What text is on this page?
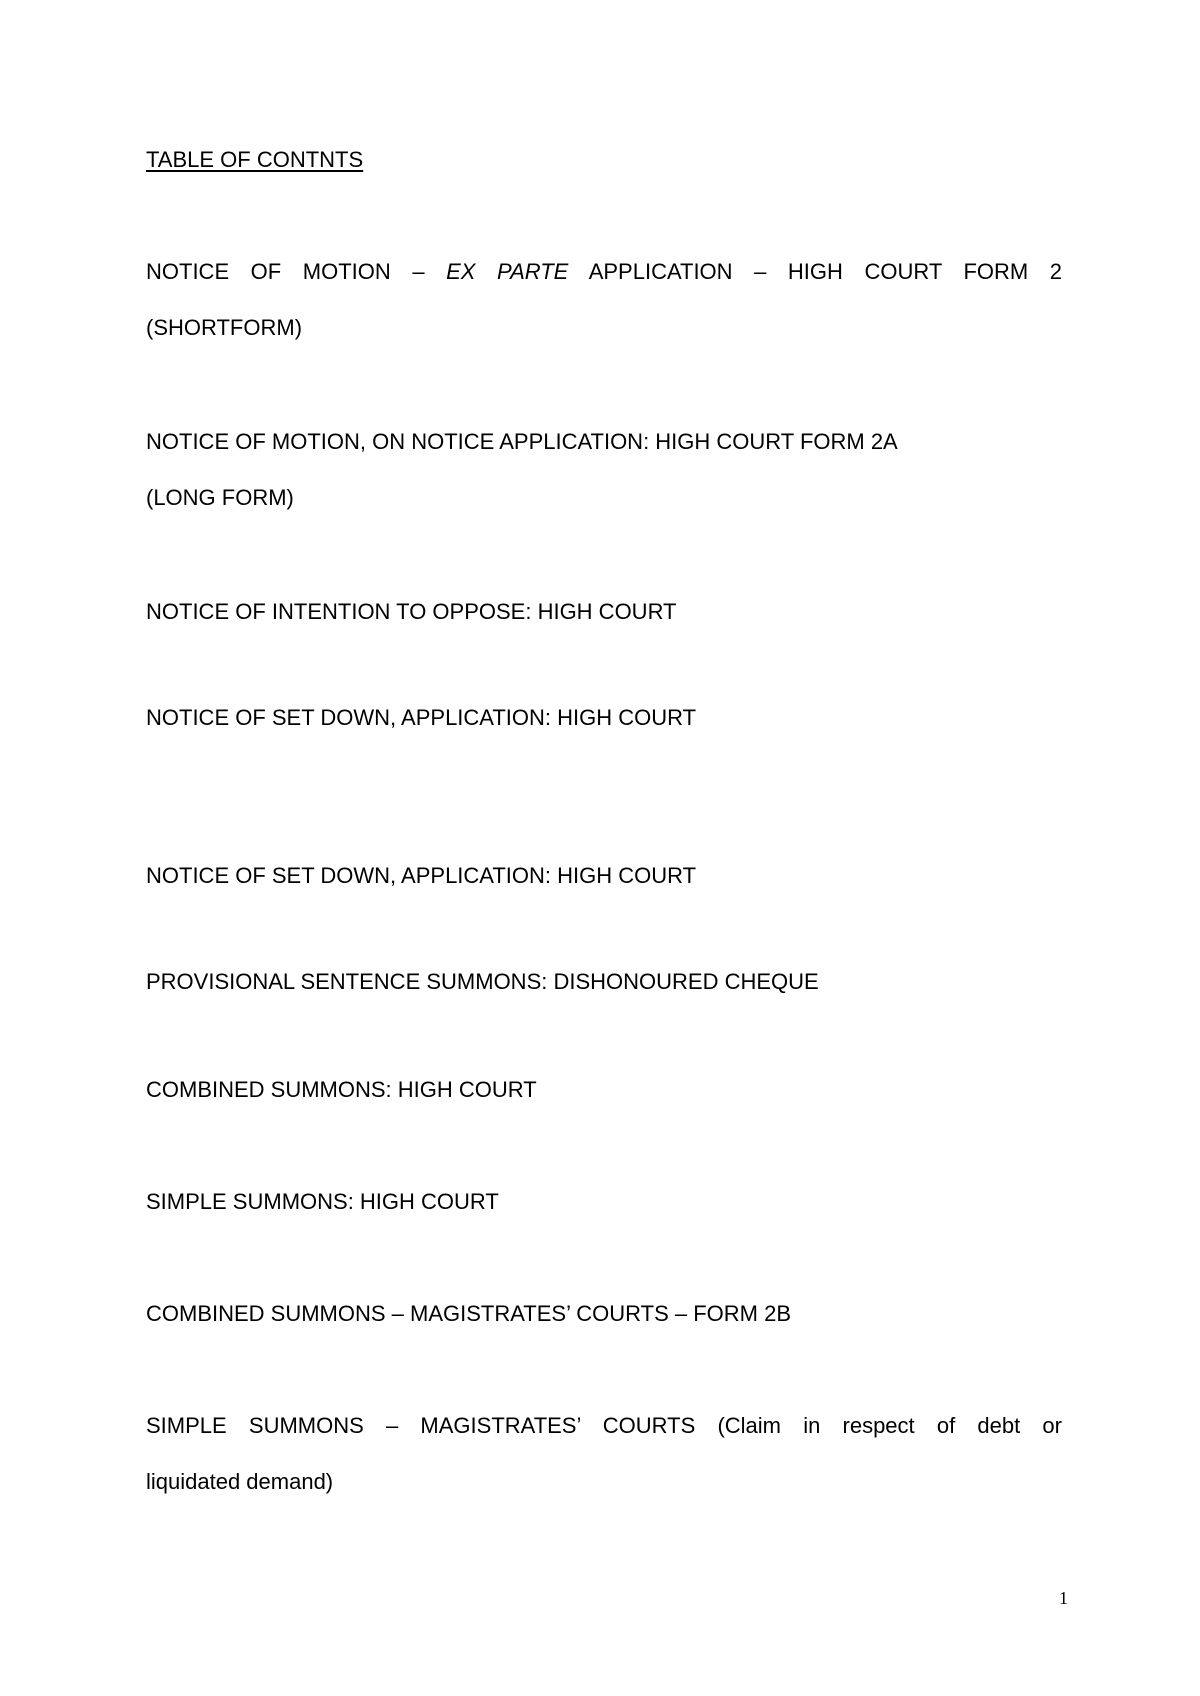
TABLE OF CONTNTS

NOTICE OF MOTION – EX PARTE APPLICATION – HIGH COURT FORM 2
(SHORTFORM)

NOTICE OF MOTION, ON NOTICE APPLICATION: HIGH COURT FORM 2A
(LONG FORM)

NOTICE OF INTENTION TO OPPOSE: HIGH COURT

NOTICE OF SET DOWN, APPLICATION: HIGH COURT

NOTICE OF SET DOWN, APPLICATION: HIGH COURT

PROVISIONAL SENTENCE SUMMONS: DISHONOURED CHEQUE

COMBINED SUMMONS: HIGH COURT

SIMPLE SUMMONS: HIGH COURT

COMBINED SUMMONS – MAGISTRATES’ COURTS – FORM 2B

SIMPLE SUMMONS – MAGISTRATES’ COURTS (Claim in respect of debt or
liquidated demand)

1
